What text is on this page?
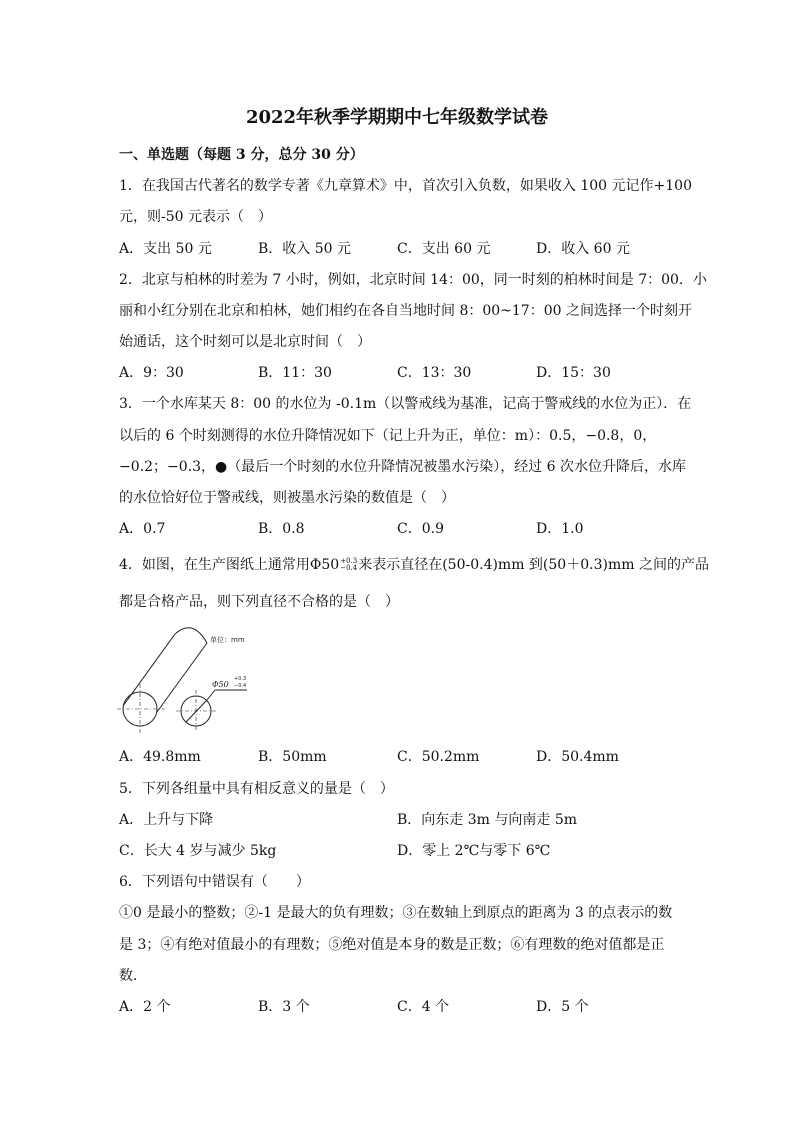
2022年秋季学期期中七年级数学试卷
一、单选题（每题 3 分，总分 30 分）
1．在我国古代著名的数学专著《九章算术》中，首次引入负数，如果收入 100 元记作+100
元，则-50 元表示（　）
A．支出 50 元	B．收入 50 元	C．支出 60 元	D．收入 60 元
2．北京与柏林的时差为 7 小时，例如，北京时间 14：00，同一时刻的柏林时间是 7：00．小
丽和小红分别在北京和柏林，她们相约在各自当地时间 8：00~17：00 之间选择一个时刻开
始通话，这个时刻可以是北京时间（　）
A．9：30	B．11：30	C．13：30	D．15：30
3．一个水库某天 8：00 的水位为 -0.1m（以警戒线为基准，记高于警戒线的水位为正）．在
以后的 6 个时刻测得的水位升降情况如下（记上升为正，单位：m）：0.5，−0.8，0，
−0.2；−0.3，●（最后一个时刻的水位升降情况被墨水污染），经过 6 次水位升降后，水库
的水位恰好位于警戒线，则被墨水污染的数值是（　）
A．0.7	B．0.8	C．0.9	D．1.0
4．如图，在生产图纸上通常用Φ50 +0.3
−0.4 来表示直径在(50-0.4)mm 到(50＋0.3)mm 之间的产品
都是合格产品，则下列直径不合格的是（　）
单位：mm
Φ50
+0.3
−0.4
A．49.8mm	B．50mm	C．50.2mm	D．50.4mm
5．下列各组量中具有相反意义的量是（　）
A．上升与下降	B．向东走 3m 与向南走 5m
C．长大 4 岁与减少 5kg	D．零上 2℃与零下 6℃
6．下列语句中错误有（　　）
①0 是最小的整数；②-1 是最大的负有理数；③在数轴上到原点的距离为 3 的点表示的数
是 3；④有绝对值最小的有理数；⑤绝对值是本身的数是正数；⑥有理数的绝对值都是正
数．
A．2 个	B．3 个	C．4 个	D．5 个
